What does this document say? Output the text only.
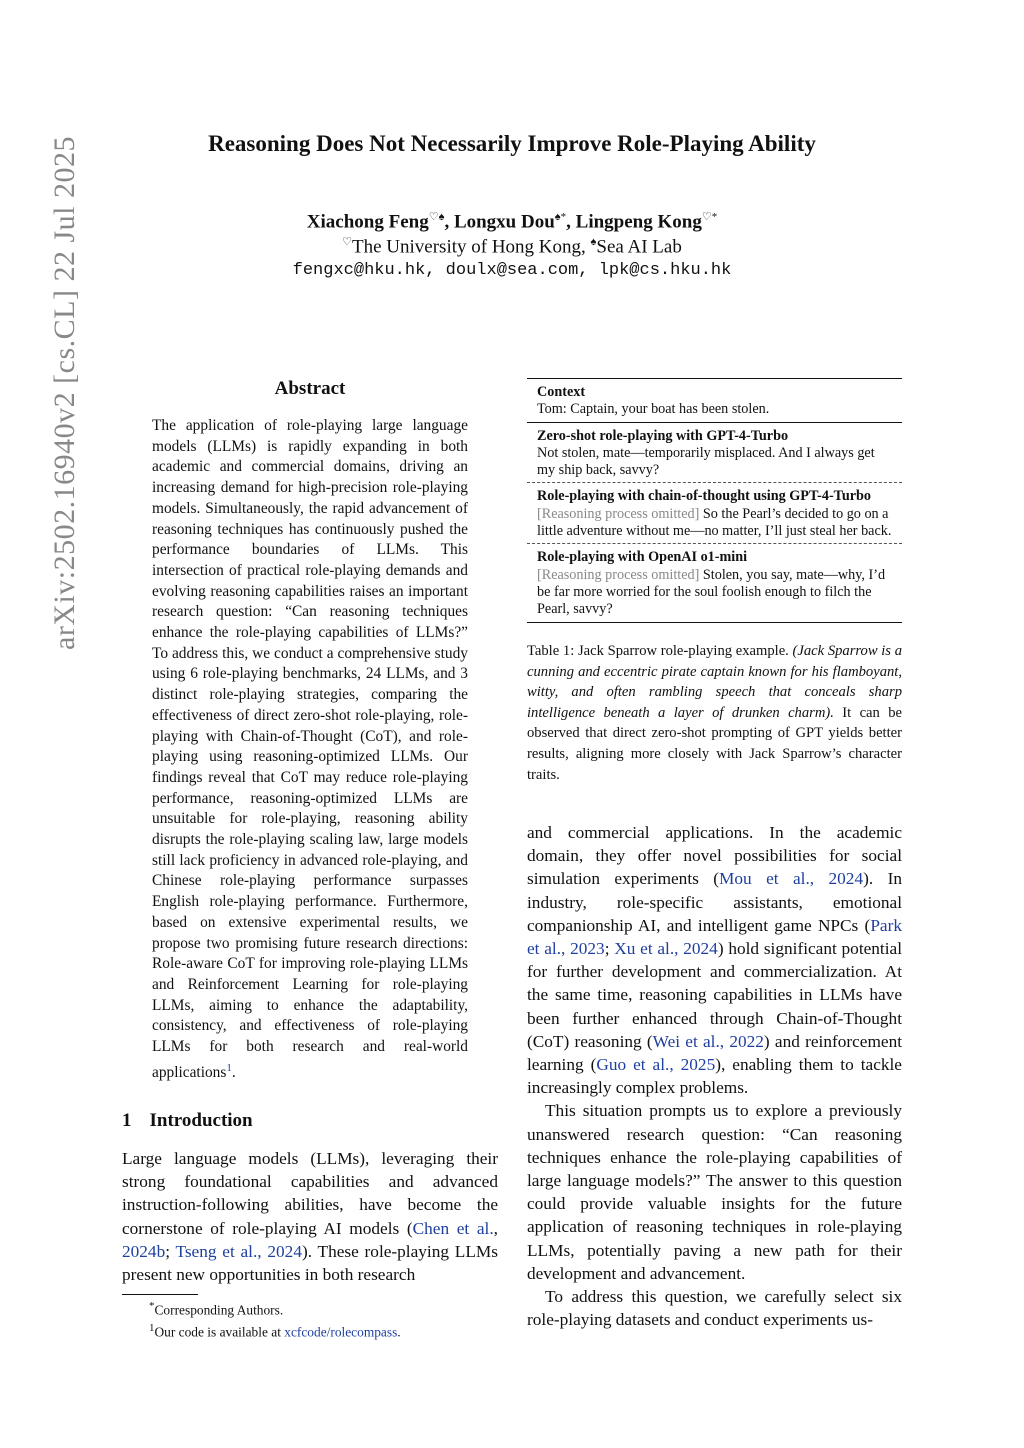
arXiv:2502.16940v2 [cs.CL] 22 Jul 2025	Reasoning Does Not Necessarily Improve Role-Playing Ability
Xiachong Feng♡♠, Longxu Dou♠*, Lingpeng Kong♡*
♡The University of Hong Kong, ♠Sea AI Lab
fengxc@hku.hk, doulx@sea.com, lpk@cs.hku.hk
Abstract
The application of role-playing large language models (LLMs) is rapidly expanding in both academic and commercial domains, driving an increasing demand for high-precision role-playing models. Simultaneously, the rapid advancement of reasoning techniques has continuously pushed the performance boundaries of LLMs. This intersection of practical role-playing demands and evolving reasoning capabilities raises an important research question: “Can reasoning techniques enhance the role-playing capabilities of LLMs?” To address this, we conduct a comprehensive study using 6 role-playing benchmarks, 24 LLMs, and 3 distinct role-playing strategies, comparing the effectiveness of direct zero-shot role-playing, role-playing with Chain-of-Thought (CoT), and role-playing using reasoning-optimized LLMs. Our findings reveal that CoT may reduce role-playing performance, reasoning-optimized LLMs are unsuitable for role-playing, reasoning ability disrupts the role-playing scaling law, large models still lack proficiency in advanced role-playing, and Chinese role-playing performance surpasses English role-playing performance. Furthermore, based on extensive experimental results, we propose two promising future research directions: Role-aware CoT for improving role-playing LLMs and Reinforcement Learning for role-playing LLMs, aiming to enhance the adaptability, consistency, and effectiveness of role-playing LLMs for both research and real-world applications$^1$.
1 Introduction
Large language models (LLMs), leveraging their strong foundational capabilities and advanced instruction-following abilities, have become the cornerstone of role-playing AI models (Chen et al., 2024b; Tseng et al., 2024). These role-playing LLMs present new opportunities in both research
*Corresponding Authors.
$^1$Our code is available at xcfcode/rolecompass.
Context
Tom: Captain, your boat has been stolen.
Zero-shot role-playing with GPT-4-Turbo
Not stolen, mate—temporarily misplaced. And I always get my ship back, savvy?
Role-playing with chain-of-thought using GPT-4-Turbo
[Reasoning process omitted] So the Pearl’s decided to go on a little adventure without me—no matter, I’ll just steal her back.
Role-playing with OpenAI o1-mini
[Reasoning process omitted] Stolen, you say, mate—why, I’d be far more worried for the soul foolish enough to filch the Pearl, savvy?
Table 1: Jack Sparrow role-playing example. (Jack Sparrow is a cunning and eccentric pirate captain known for his flamboyant, witty, and often rambling speech that conceals sharp intelligence beneath a layer of drunken charm). It can be observed that direct zero-shot prompting of GPT yields better results, aligning more closely with Jack Sparrow’s character traits.

and commercial applications. In the academic domain, they offer novel possibilities for social simulation experiments (Mou et al., 2024). In industry, role-specific assistants, emotional companionship AI, and intelligent game NPCs (Park et al., 2023; Xu et al., 2024) hold significant potential for further development and commercialization. At the same time, reasoning capabilities in LLMs have been further enhanced through Chain-of-Thought (CoT) reasoning (Wei et al., 2022) and reinforcement learning (Guo et al., 2025), enabling them to tackle increasingly complex problems.

This situation prompts us to explore a previously unanswered research question: “Can reasoning techniques enhance the role-playing capabilities of large language models?” The answer to this question could provide valuable insights for the future application of reasoning techniques in role-playing LLMs, potentially paving a new path for their development and advancement.

To address this question, we carefully select six role-playing datasets and conduct experiments us-
